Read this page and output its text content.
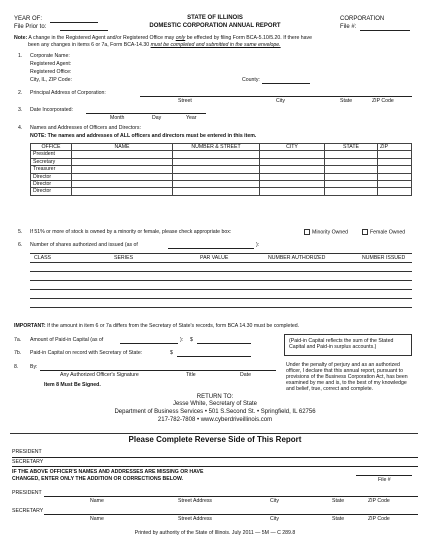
YEAR OF:
File Prior to:
STATE OF ILLINOIS
DOMESTIC CORPORATION ANNUAL REPORT
CORPORATION
File #:
Note: A change in the Registered Agent and/or Registered Office may only be effected by filing Form BCA-5.10/5.20. If there have
been any changes in items 6 or 7a, Form BCA-14.30 must be completed and submitted in the same envelope.
1. Corporate Name:
Registered Agent:
Registered Office:
City, IL, ZIP Code:	County:
2. Principal Address of Corporation:
Street	City	State	ZIP Code
3. Date Incorporated:
Month	Day	Year
4. Names and Addresses of Officers and Directors:
NOTE: The names and addresses of ALL officers and directors must be entered in this item.
OFFICE	NAME	NUMBER & STREET	CITY	STATE	ZIP
President					
Secretary					
Treasurer					
Director					
Director					
Director					
5. If 51% or more of stock is owned by a minority or female, please check appropriate box:	Minority Owned	Female Owned
6. Number of shares authorized and issued (as of	):
CLASS	SERIES	PAR VALUE	NUMBER AUTHORIZED	NUMBER ISSUED
IMPORTANT: If the amount in item 6 or 7a differs from the Secretary of State's records, form BCA 14.30 must be completed.
7a. Amount of Paid-in Capital (as of	): $
7b. Paid-in Capital on record with Secretary of State:	$
(Paid-in Capital reflects the sum of the Stated Capital and Paid-in surplus accounts.)
8. By:
Any Authorized Officer's Signature	Title	Date
Item 8 Must Be Signed.
Under the penalty of perjury and as an authorized officer, I declare that this annual report, pursuant to provisions of the Business Corporation Act, has been examined by me and is, to the best of my knowledge and belief, true, correct and complete.
RETURN TO:
Jesse White, Secretary of State
Department of Business Services • 501 S.Second St. • Springfield, IL 62756
217-782-7808 • www.cyberdriveillinois.com
Please Complete Reverse Side of This Report
PRESIDENT
SECRETARY
IF THE ABOVE OFFICER'S NAMES AND ADDRESSES ARE MISSING OR HAVE
CHANGED, ENTER ONLY THE ADDITION OR CORRECTIONS BELOW.	File #
PRESIDENT
Name	Street Address	City	State	ZIP Code
SECRETARY
Name	Street Address	City	State	ZIP Code
Printed by authority of the State of Illinois. July 2011 — 5M — C 289.8
